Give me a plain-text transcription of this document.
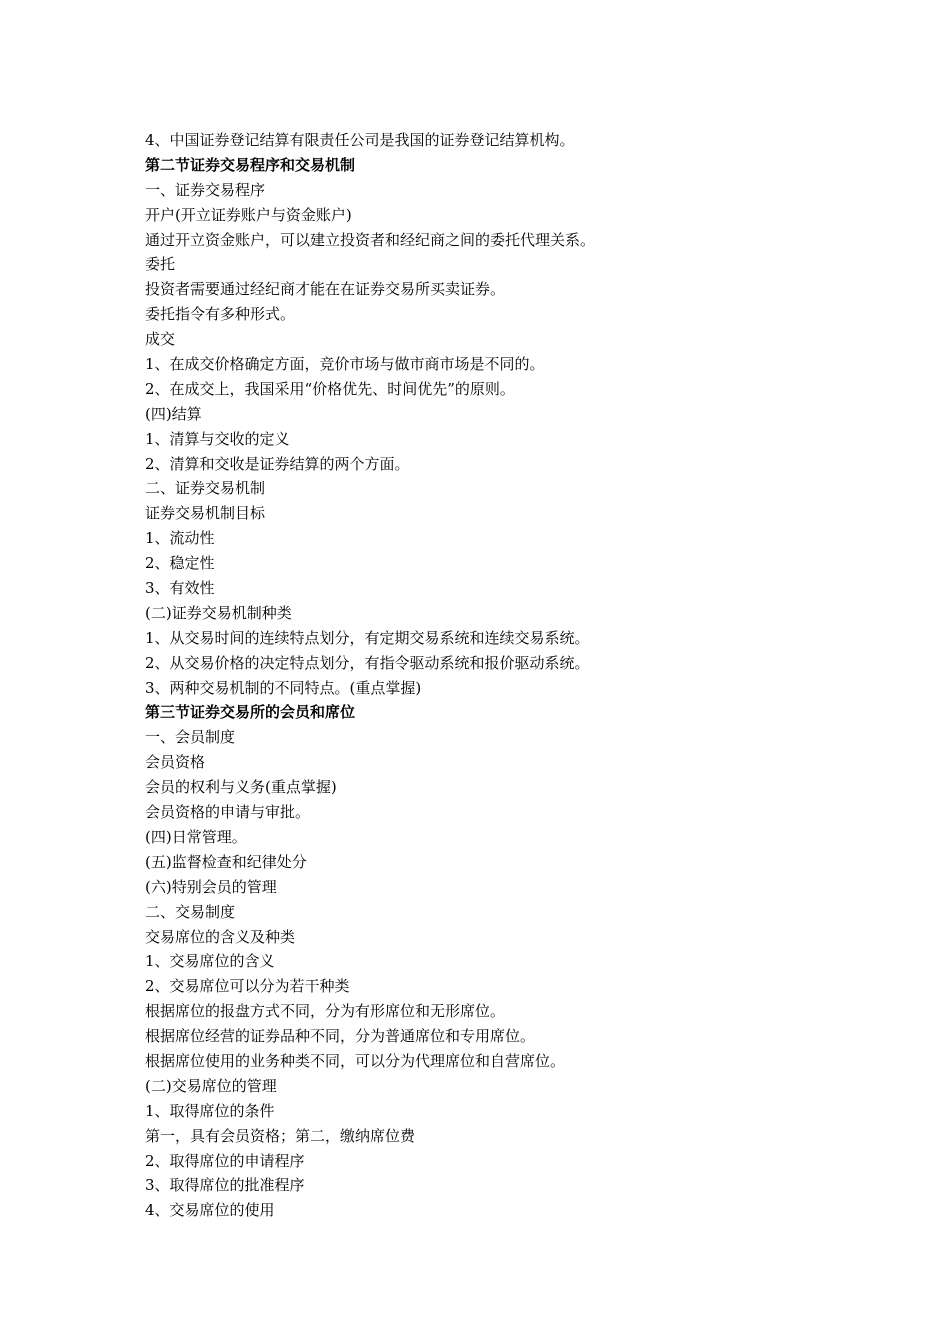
4、中国证券登记结算有限责任公司是我国的证券登记结算机构。
第二节证券交易程序和交易机制
一、证券交易程序
开户(开立证券账户与资金账户)
通过开立资金账户，可以建立投资者和经纪商之间的委托代理关系。
委托
投资者需要通过经纪商才能在在证券交易所买卖证券。
委托指令有多种形式。
成交
1、在成交价格确定方面，竞价市场与做市商市场是不同的。
2、在成交上，我国采用“价格优先、时间优先”的原则。
(四)结算
1、清算与交收的定义
2、清算和交收是证券结算的两个方面。
二、证券交易机制
证券交易机制目标
1、流动性
2、稳定性
3、有效性
(二)证券交易机制种类
1、从交易时间的连续特点划分，有定期交易系统和连续交易系统。
2、从交易价格的决定特点划分，有指令驱动系统和报价驱动系统。
3、两种交易机制的不同特点。(重点掌握)
第三节证券交易所的会员和席位
一、会员制度
会员资格
会员的权利与义务(重点掌握)
会员资格的申请与审批。
(四)日常管理。
(五)监督检查和纪律处分
(六)特别会员的管理
二、交易制度
交易席位的含义及种类
1、交易席位的含义
2、交易席位可以分为若干种类
根据席位的报盘方式不同，分为有形席位和无形席位。
根据席位经营的证券品种不同，分为普通席位和专用席位。
根据席位使用的业务种类不同，可以分为代理席位和自营席位。
(二)交易席位的管理
1、取得席位的条件
第一，具有会员资格；第二，缴纳席位费
2、取得席位的申请程序
3、取得席位的批准程序
4、交易席位的使用
